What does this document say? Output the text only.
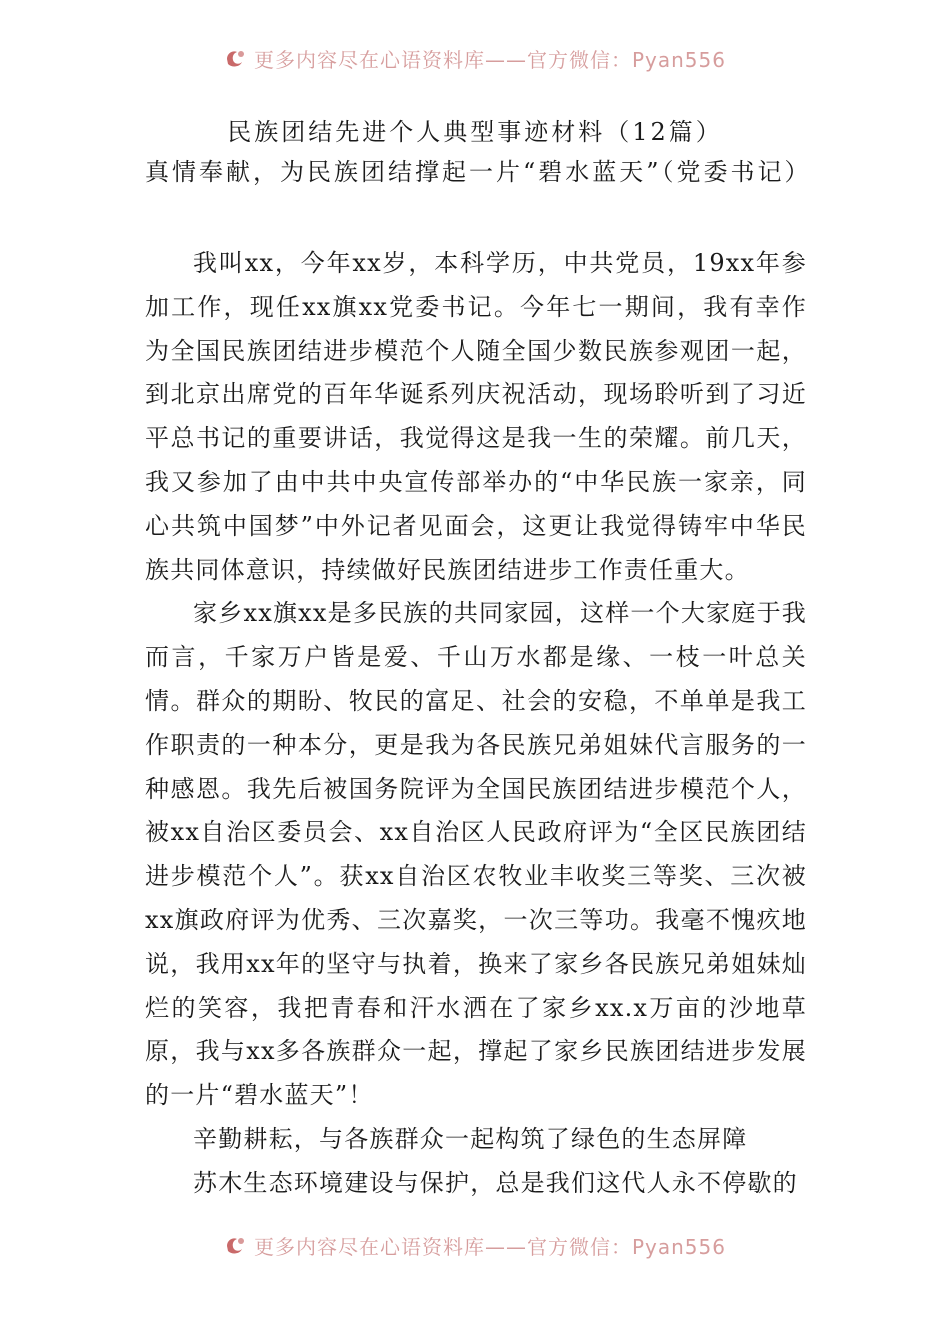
更多内容尽在心语资料库——官方微信：Pyan556

民族团结先进个人典型事迹材料（12篇）

真情奉献，为民族团结撑起一片“碧水蓝天”（党委书记）

我叫xx，今年xx岁，本科学历，中共党员，19xx年参加工作，现任xx旗xx党委书记。今年七一期间，我有幸作为全国民族团结进步模范个人随全国少数民族参观团一起，到北京出席党的百年华诞系列庆祝活动，现场聆听到了习近平总书记的重要讲话，我觉得这是我一生的荣耀。前几天，我又参加了由中共中央宣传部举办的“中华民族一家亲，同心共筑中国梦”中外记者见面会，这更让我觉得铸牢中华民族共同体意识，持续做好民族团结进步工作责任重大。

家乡xx旗xx是多民族的共同家园，这样一个大家庭于我而言，千家万户皆是爱、千山万水都是缘、一枝一叶总关情。群众的期盼、牧民的富足、社会的安稳，不单单是我工作职责的一种本分，更是我为各民族兄弟姐妹代言服务的一种感恩。我先后被国务院评为全国民族团结进步模范个人，被xx自治区委员会、xx自治区人民政府评为“全区民族团结进步模范个人”。获xx自治区农牧业丰收奖三等奖、三次被xx旗政府评为优秀、三次嘉奖，一次三等功。我毫不愧疚地说，我用xx年的坚守与执着，换来了家乡各民族兄弟姐妹灿烂的笑容，我把青春和汗水洒在了家乡xx.x万亩的沙地草原，我与xx多各族群众一起，撑起了家乡民族团结进步发展的一片“碧水蓝天”！

辛勤耕耘，与各族群众一起构筑了绿色的生态屏障

苏木生态环境建设与保护，总是我们这代人永不停歇的

更多内容尽在心语资料库——官方微信：Pyan556
